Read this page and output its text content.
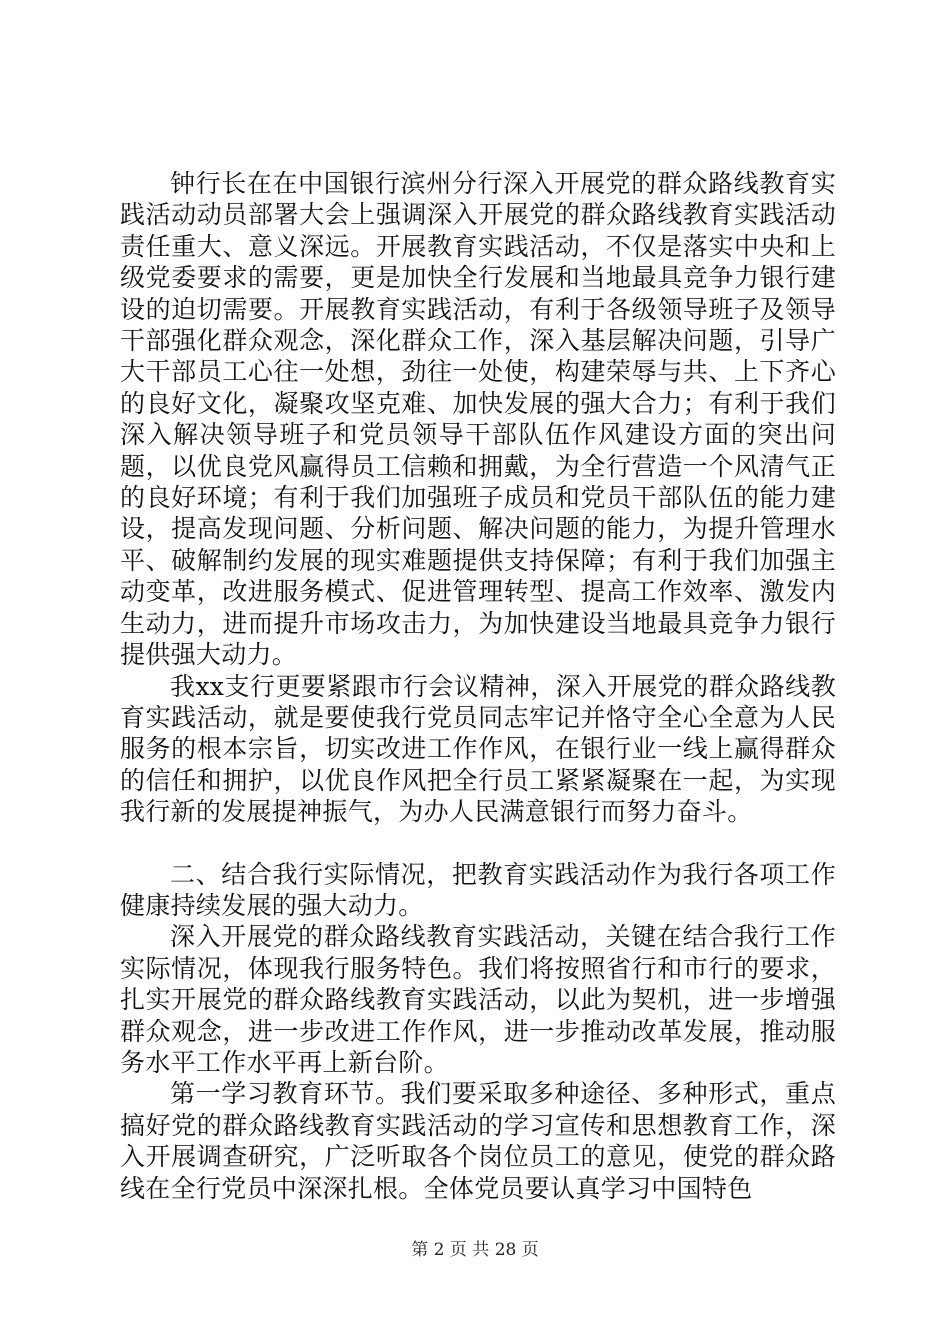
钟行长在在中国银行滨州分行深入开展党的群众路线教育实践活动动员部署大会上强调深入开展党的群众路线教育实践活动责任重大、意义深远。开展教育实践活动，不仅是落实中央和上级党委要求的需要，更是加快全行发展和当地最具竞争力银行建设的迫切需要。开展教育实践活动，有利于各级领导班子及领导干部强化群众观念，深化群众工作，深入基层解决问题，引导广大干部员工心往一处想，劲往一处使，构建荣辱与共、上下齐心的良好文化，凝聚攻坚克难、加快发展的强大合力；有利于我们深入解决领导班子和党员领导干部队伍作风建设方面的突出问题，以优良党风赢得员工信赖和拥戴，为全行营造一个风清气正的良好环境；有利于我们加强班子成员和党员干部队伍的能力建设，提高发现问题、分析问题、解决问题的能力，为提升管理水平、破解制约发展的现实难题提供支持保障；有利于我们加强主动变革，改进服务模式、促进管理转型、提高工作效率、激发内生动力，进而提升市场攻击力，为加快建设当地最具竞争力银行提供强大动力。

我xx支行更要紧跟市行会议精神，深入开展党的群众路线教育实践活动，就是要使我行党员同志牢记并恪守全心全意为人民服务的根本宗旨，切实改进工作作风，在银行业一线上赢得群众的信任和拥护，以优良作风把全行员工紧紧凝聚在一起，为实现我行新的发展提神振气，为办人民满意银行而努力奋斗。

二、结合我行实际情况，把教育实践活动作为我行各项工作健康持续发展的强大动力。

深入开展党的群众路线教育实践活动，关键在结合我行工作实际情况，体现我行服务特色。我们将按照省行和市行的要求，扎实开展党的群众路线教育实践活动，以此为契机，进一步增强群众观念，进一步改进工作作风，进一步推动改革发展，推动服务水平工作水平再上新台阶。

第一学习教育环节。我们要采取多种途径、多种形式，重点搞好党的群众路线教育实践活动的学习宣传和思想教育工作，深入开展调查研究，广泛听取各个岗位员工的意见，使党的群众路线在全行党员中深深扎根。全体党员要认真学习中国特色

第 2 页 共 28 页
